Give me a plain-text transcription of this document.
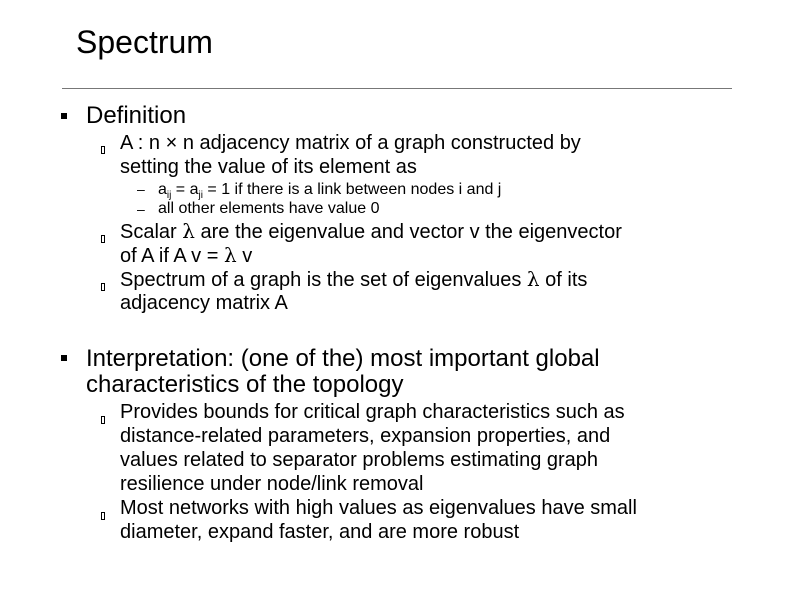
Spectrum
Definition
A : n × n adjacency matrix of a graph constructed by
setting the value of its element as
– $a_{ij} = a_{ji} = 1$ if there is a link between nodes i and j
– all other elements have value 0
Scalar λ are the eigenvalue and vector v the eigenvector
of A if A v = λ v
Spectrum of a graph is the set of eigenvalues λ of its
adjacency matrix A
Interpretation: (one of the) most important global
characteristics of the topology
Provides bounds for critical graph characteristics such as
distance-related parameters, expansion properties, and
values related to separator problems estimating graph
resilience under node/link removal
Most networks with high values as eigenvalues have small
diameter, expand faster, and are more robust
